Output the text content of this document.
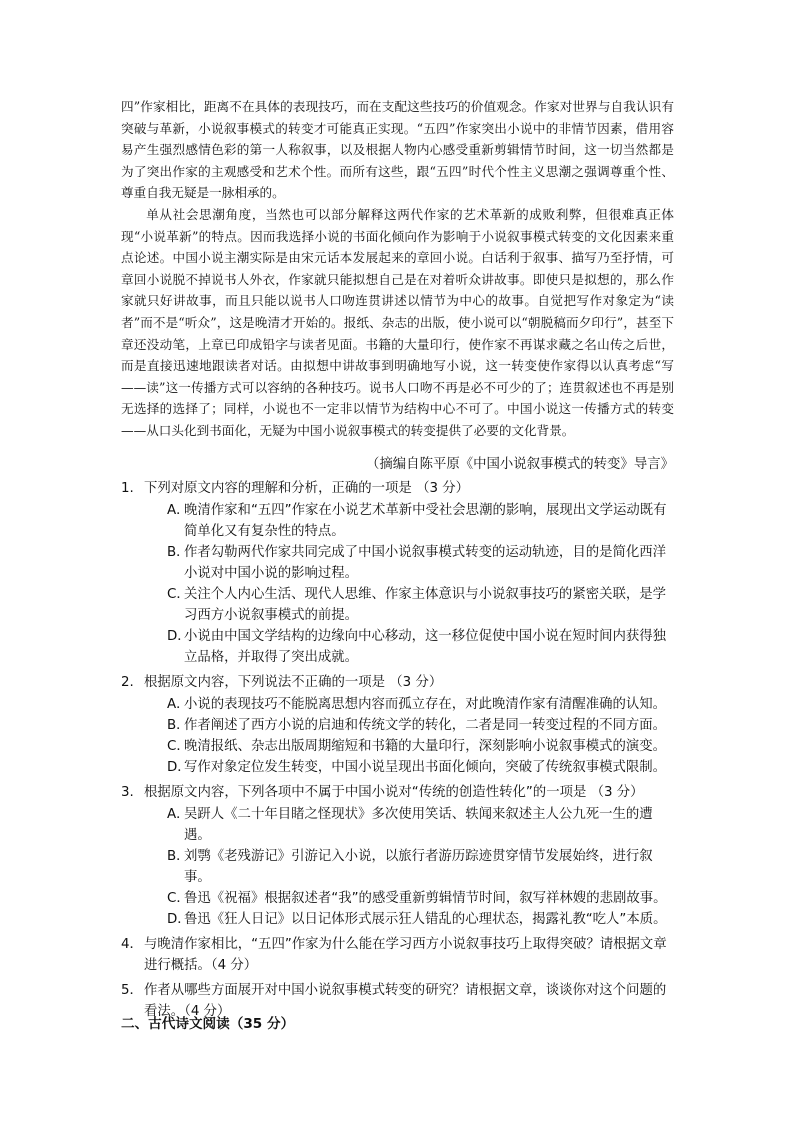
四”作家相比，距离不在具体的表现技巧，而在支配这些技巧的价值观念。作家对世界与自我认识有突破与革新，小说叙事模式的转变才可能真正实现。“五四”作家突出小说中的非情节因素，借用容易产生强烈感情色彩的第一人称叙事，以及根据人物内心感受重新剪辑情节时间，这一切当然都是为了突出作家的主观感受和艺术个性。而所有这些，跟“五四”时代个性主义思潮之强调尊重个性、尊重自我无疑是一脉相承的。

单从社会思潮角度，当然也可以部分解释这两代作家的艺术革新的成败利弊，但很难真正体现“小说革新”的特点。因而我选择小说的书面化倾向作为影响于小说叙事模式转变的文化因素来重点论述。中国小说主潮实际是由宋元话本发展起来的章回小说。白话利于叙事、描写乃至抒情，可章回小说脱不掉说书人外衣，作家就只能拟想自己是在对着听众讲故事。即使只是拟想的，那么作家就只好讲故事，而且只能以说书人口吻连贯讲述以情节为中心的故事。自觉把写作对象定为“读者”而不是“听众”，这是晚清才开始的。报纸、杂志的出版，使小说可以“朝脱稿而夕印行”，甚至下章还没动笔，上章已印成铅字与读者见面。书籍的大量印行，使作家不再谋求藏之名山传之后世，而是直接迅速地跟读者对话。由拟想中讲故事到明确地写小说，这一转变使作家得以认真考虑“写——读”这一传播方式可以容纳的各种技巧。说书人口吻不再是必不可少的了；连贯叙述也不再是别无选择的选择了；同样，小说也不一定非以情节为结构中心不可了。中国小说这一传播方式的转变——从口头化到书面化，无疑为中国小说叙事模式的转变提供了必要的文化背景。

（摘编自陈平原《中国小说叙事模式的转变》导言》
1. 下列对原文内容的理解和分析，正确的一项是 （3 分）
A．
晚清作家和“五四”作家在小说艺术革新中受社会思潮的影响，展现出文学运动既有简单化又有复杂性的特点。
B．
作者勾勒两代作家共同完成了中国小说叙事模式转变的运动轨迹，目的是简化西洋小说对中国小说的影响过程。
C．
关注个人内心生活、现代人思维、作家主体意识与小说叙事技巧的紧密关联，是学习西方小说叙事模式的前提。
D．
小说由中国文学结构的边缘向中心移动，这一移位促使中国小说在短时间内获得独立品格，并取得了突出成就。
2. 根据原文内容，下列说法不正确的一项是 （3 分）
A．
小说的表现技巧不能脱离思想内容而孤立存在，对此晚清作家有清醒准确的认知。
B．
作者阐述了西方小说的启迪和传统文学的转化，二者是同一转变过程的不同方面。
C．
晚清报纸、杂志出版周期缩短和书籍的大量印行，深刻影响小说叙事模式的演变。
D．
写作对象定位发生转变，中国小说呈现出书面化倾向，突破了传统叙事模式限制。
3. 根据原文内容，下列各项中不属于中国小说对“传统的创造性转化”的一项是 （3 分）
A．
吴趼人《二十年目睹之怪现状》多次使用笑话、轶闻来叙述主人公九死一生的遭遇。
B．
刘鹗《老残游记》引游记入小说，以旅行者游历踪迹贯穿情节发展始终，进行叙事。
C．
鲁迅《祝福》根据叙述者“我”的感受重新剪辑情节时间，叙写祥林嫂的悲剧故事。
D．
鲁迅《狂人日记》以日记体形式展示狂人错乱的心理状态，揭露礼教“吃人”本质。
4． 与晚清作家相比，“五四”作家为什么能在学习西方小说叙事技巧上取得突破？请根据文章进行概括。（4 分）
5． 作者从哪些方面展开对中国小说叙事模式转变的研究？请根据文章，谈谈你对这个问题的看法。（4 分）
二、古代诗文阅读（35 分）
